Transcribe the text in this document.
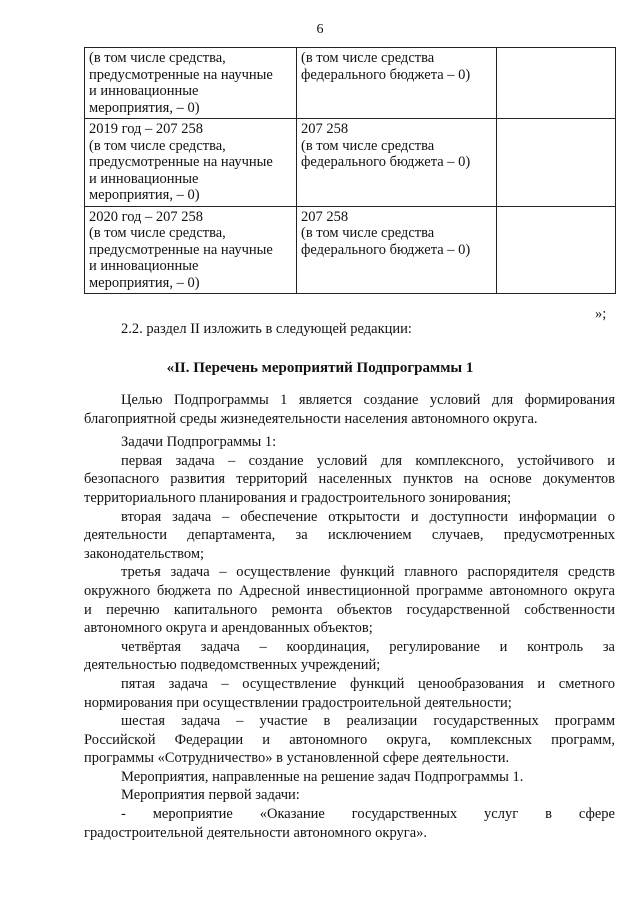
6
(в том числе средства,
предусмотренные на научные
и инновационные
мероприятия, – 0)	(в том числе средства
федерального бюджета – 0)	

2019 год – 207 258
(в том числе средства,
предусмотренные на научные
и инновационные
мероприятия, – 0)	207 258
(в том числе средства
федерального бюджета – 0)	

2020 год – 207 258
(в том числе средства,
предусмотренные на научные
и инновационные
мероприятия, – 0)	207 258
(в том числе средства
федерального бюджета – 0)	

»;
2.2. раздел II изложить в следующей редакции:
«II. Перечень мероприятий Подпрограммы 1

Целью Подпрограммы 1 является создание условий для формирования
благоприятной среды жизнедеятельности населения автономного округа.

Задачи Подпрограммы 1:

первая задача – создание условий для комплексного, устойчивого и
безопасного развития территорий населенных пунктов на основе документов
территориального планирования и градостроительного зонирования;

вторая задача – обеспечение открытости и доступности информации о
деятельности департамента, за исключением случаев, предусмотренных
законодательством;

третья задача – осуществление функций главного распорядителя средств
окружного бюджета по Адресной инвестиционной программе автономного округа
и перечню капитального ремонта объектов государственной собственности
автономного округа и арендованных объектов;

четвёртая задача – координация, регулирование и контроль за
деятельностью подведомственных учреждений;

пятая задача – осуществление функций ценообразования и сметного
нормирования при осуществлении градостроительной деятельности;

шестая задача – участие в реализации государственных программ
Российской Федерации и автономного округа, комплексных программ,
программы «Сотрудничество» в установленной сфере деятельности.

Мероприятия, направленные на решение задач Подпрограммы 1.

Мероприятия первой задачи:

- мероприятие «Оказание государственных услуг в сфере
градостроительной деятельности автономного округа».
